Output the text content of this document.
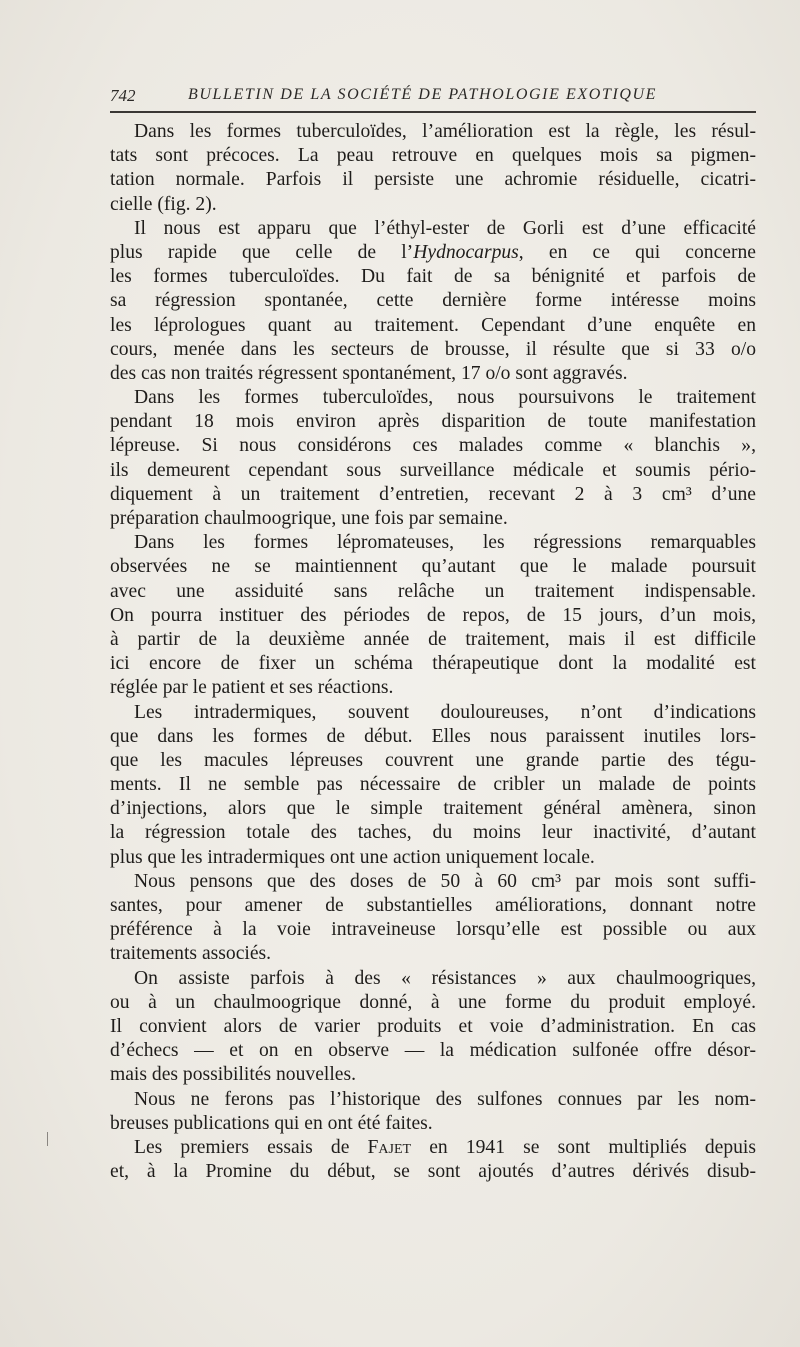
742	BULLETIN DE LA SOCIÉTÉ DE PATHOLOGIE EXOTIQUE
Dans les formes tuberculoïdes, l’amélioration est la règle, les résul-
tats sont précoces. La peau retrouve en quelques mois sa pigmen-
tation normale. Parfois il persiste une achromie résiduelle, cicatri-
cielle (fig. 2).
Il nous est apparu que l’éthyl-ester de Gorli est d’une efficacité
plus rapide que celle de l’Hydnocarpus, en ce qui concerne
les formes tuberculoïdes. Du fait de sa bénignité et parfois de
sa régression spontanée, cette dernière forme intéresse moins
les léprologues quant au traitement. Cependant d’une enquête en
cours, menée dans les secteurs de brousse, il résulte que si 33 o/o
des cas non traités régressent spontanément, 17 o/o sont aggravés.
Dans les formes tuberculoïdes, nous poursuivons le traitement
pendant 18 mois environ après disparition de toute manifestation
lépreuse. Si nous considérons ces malades comme « blanchis »,
ils demeurent cependant sous surveillance médicale et soumis pério-
diquement à un traitement d’entretien, recevant 2 à 3 cm³ d’une
préparation chaulmoogrique, une fois par semaine.
Dans les formes lépromateuses, les régressions remarquables
observées ne se maintiennent qu’autant que le malade poursuit
avec une assiduité sans relâche un traitement indispensable.
On pourra instituer des périodes de repos, de 15 jours, d’un mois,
à partir de la deuxième année de traitement, mais il est difficile
ici encore de fixer un schéma thérapeutique dont la modalité est
réglée par le patient et ses réactions.
Les intradermiques, souvent douloureuses, n’ont d’indications
que dans les formes de début. Elles nous paraissent inutiles lors-
que les macules lépreuses couvrent une grande partie des tégu-
ments. Il ne semble pas nécessaire de cribler un malade de points
d’injections, alors que le simple traitement général amènera, sinon
la régression totale des taches, du moins leur inactivité, d’autant
plus que les intradermiques ont une action uniquement locale.
Nous pensons que des doses de 50 à 60 cm³ par mois sont suffi-
santes, pour amener de substantielles améliorations, donnant notre
préférence à la voie intraveineuse lorsqu’elle est possible ou aux
traitements associés.
On assiste parfois à des « résistances » aux chaulmoogriques,
ou à un chaulmoogrique donné, à une forme du produit employé.
Il convient alors de varier produits et voie d’administration. En cas
d’échecs — et on en observe — la médication sulfonée offre désor-
mais des possibilités nouvelles.
Nous ne ferons pas l’historique des sulfones connues par les nom-
breuses publications qui en ont été faites.
Les premiers essais de Fajet en 1941 se sont multipliés depuis
et, à la Promine du début, se sont ajoutés d’autres dérivés disub-
